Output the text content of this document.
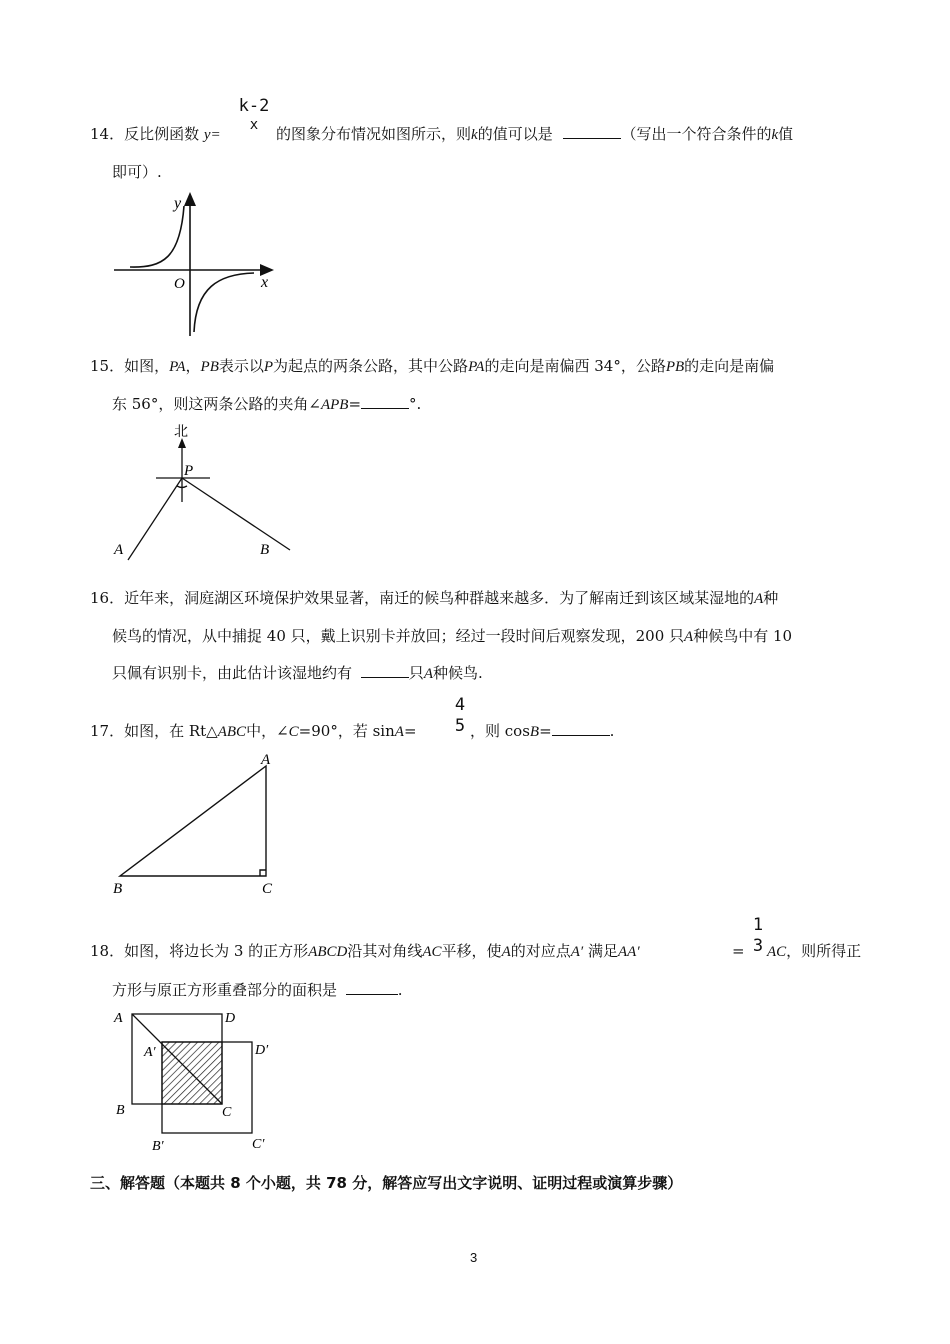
k-2
x
14．反比例函数 y=	的图象分布情况如图所示，则k的值可以是	（写出一个符合条件的k值
即可）.
y
x
O
15．如图，PA，PB表示以P为起点的两条公路，其中公路PA的走向是南偏西 34°，公路PB的走向是南偏
东 56°，则这两条公路的夹角∠APB=	°.
北
P
A	B
16．近年来，洞庭湖区环境保护效果显著，南迁的候鸟种群越来越多．为了解南迁到该区域某湿地的A种
候鸟的情况，从中捕捉 40 只，戴上识别卡并放回；经过一段时间后观察发现，200 只A种候鸟中有 10
只佩有识别卡，由此估计该湿地约有	只A种候鸟.
4
5
17．如图，在 Rt△ABC中，∠C=90°，若 sinA=	，则 cosB=	.
A
B	C
1
3
18．如图，将边长为 3 的正方形ABCD沿其对角线AC平移，使A的对应点A′ 满足AA′	= AC，则所得正
方形与原正方形重叠部分的面积是	.
A	D
A′	D′
B	C
B′	C′
三、解答题（本题共 8 个小题，共 78 分，解答应写出文字说明、证明过程或演算步骤）
3
